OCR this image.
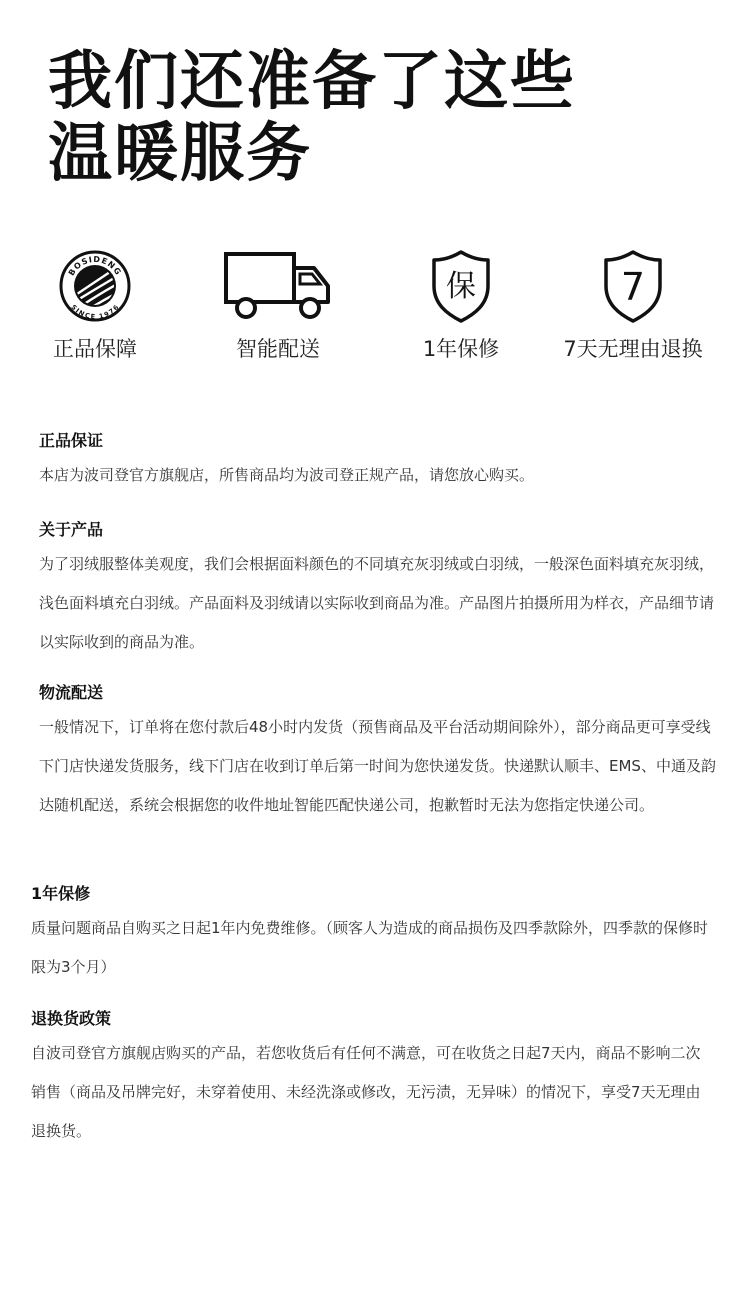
我们还准备了这些
温暖服务
BOSIDENG
SINCE 1976
正品保障	智能配送
保
1年保修
7
7天无理由退换
正品保证

本店为波司登官方旗舰店，所售商品均为波司登正规产品，请您放心购买。

关于产品

为了羽绒服整体美观度，我们会根据面料颜色的不同填充灰羽绒或白羽绒，一般深色面料填充灰羽绒，浅色面料填充白羽绒。产品面料及羽绒请以实际收到商品为准。产品图片拍摄所用为样衣，产品细节请以实际收到的商品为准。

物流配送

一般情况下，订单将在您付款后48小时内发货（预售商品及平台活动期间除外），部分商品更可享受线下门店快递发货服务，线下门店在收到订单后第一时间为您快递发货。快递默认顺丰、EMS、中通及韵达随机配送，系统会根据您的收件地址智能匹配快递公司，抱歉暂时无法为您指定快递公司。

1年保修

质量问题商品自购买之日起1年内免费维修。（顾客人为造成的商品损伤及四季款除外，四季款的保修时限为3个月）

退换货政策

自波司登官方旗舰店购买的产品，若您收货后有任何不满意，可在收货之日起7天内，商品不影响二次销售（商品及吊牌完好，未穿着使用、未经洗涤或修改，无污渍，无异味）的情况下，享受7天无理由退换货。
